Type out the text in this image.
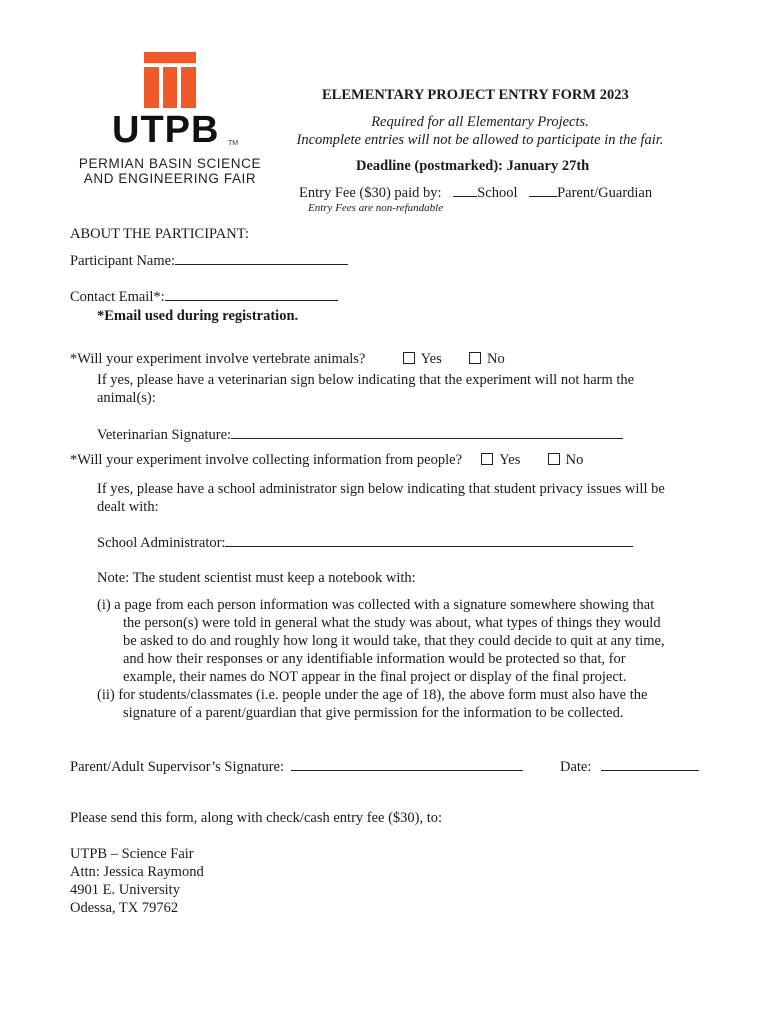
UTPB TM
PERMIAN BASIN SCIENCE
AND ENGINEERING FAIR
ELEMENTARY PROJECT ENTRY FORM 2023
Required for all Elementary Projects.
Incomplete entries will not be allowed to participate in the fair.
Deadline (postmarked): January 27th
Entry Fee ($30) paid by: School	Parent/Guardian
Entry Fees are non-refundable
ABOUT THE PARTICIPANT:
Participant Name:
Contact Email*:
*Email used during registration.
*Will your experiment involve vertebrate animals?	Yes	No
If yes, please have a veterinarian sign below indicating that the experiment will not harm the
animal(s):
Veterinarian Signature:
*Will your experiment involve collecting information from people?	Yes	No
If yes, please have a school administrator sign below indicating that student privacy issues will be
dealt with:
School Administrator:
Note: The student scientist must keep a notebook with:
(i) a page from each person information was collected with a signature somewhere showing that
the person(s) were told in general what the study was about, what types of things they would
be asked to do and roughly how long it would take, that they could decide to quit at any time,
and how their responses or any identifiable information would be protected so that, for
example, their names do NOT appear in the final project or display of the final project.
(ii) for students/classmates (i.e. people under the age of 18), the above form must also have the
signature of a parent/guardian that give permission for the information to be collected.
Parent/Adult Supervisor’s Signature:	Date:
Please send this form, along with check/cash entry fee ($30), to:
UTPB – Science Fair
Attn: Jessica Raymond
4901 E. University
Odessa, TX 79762
